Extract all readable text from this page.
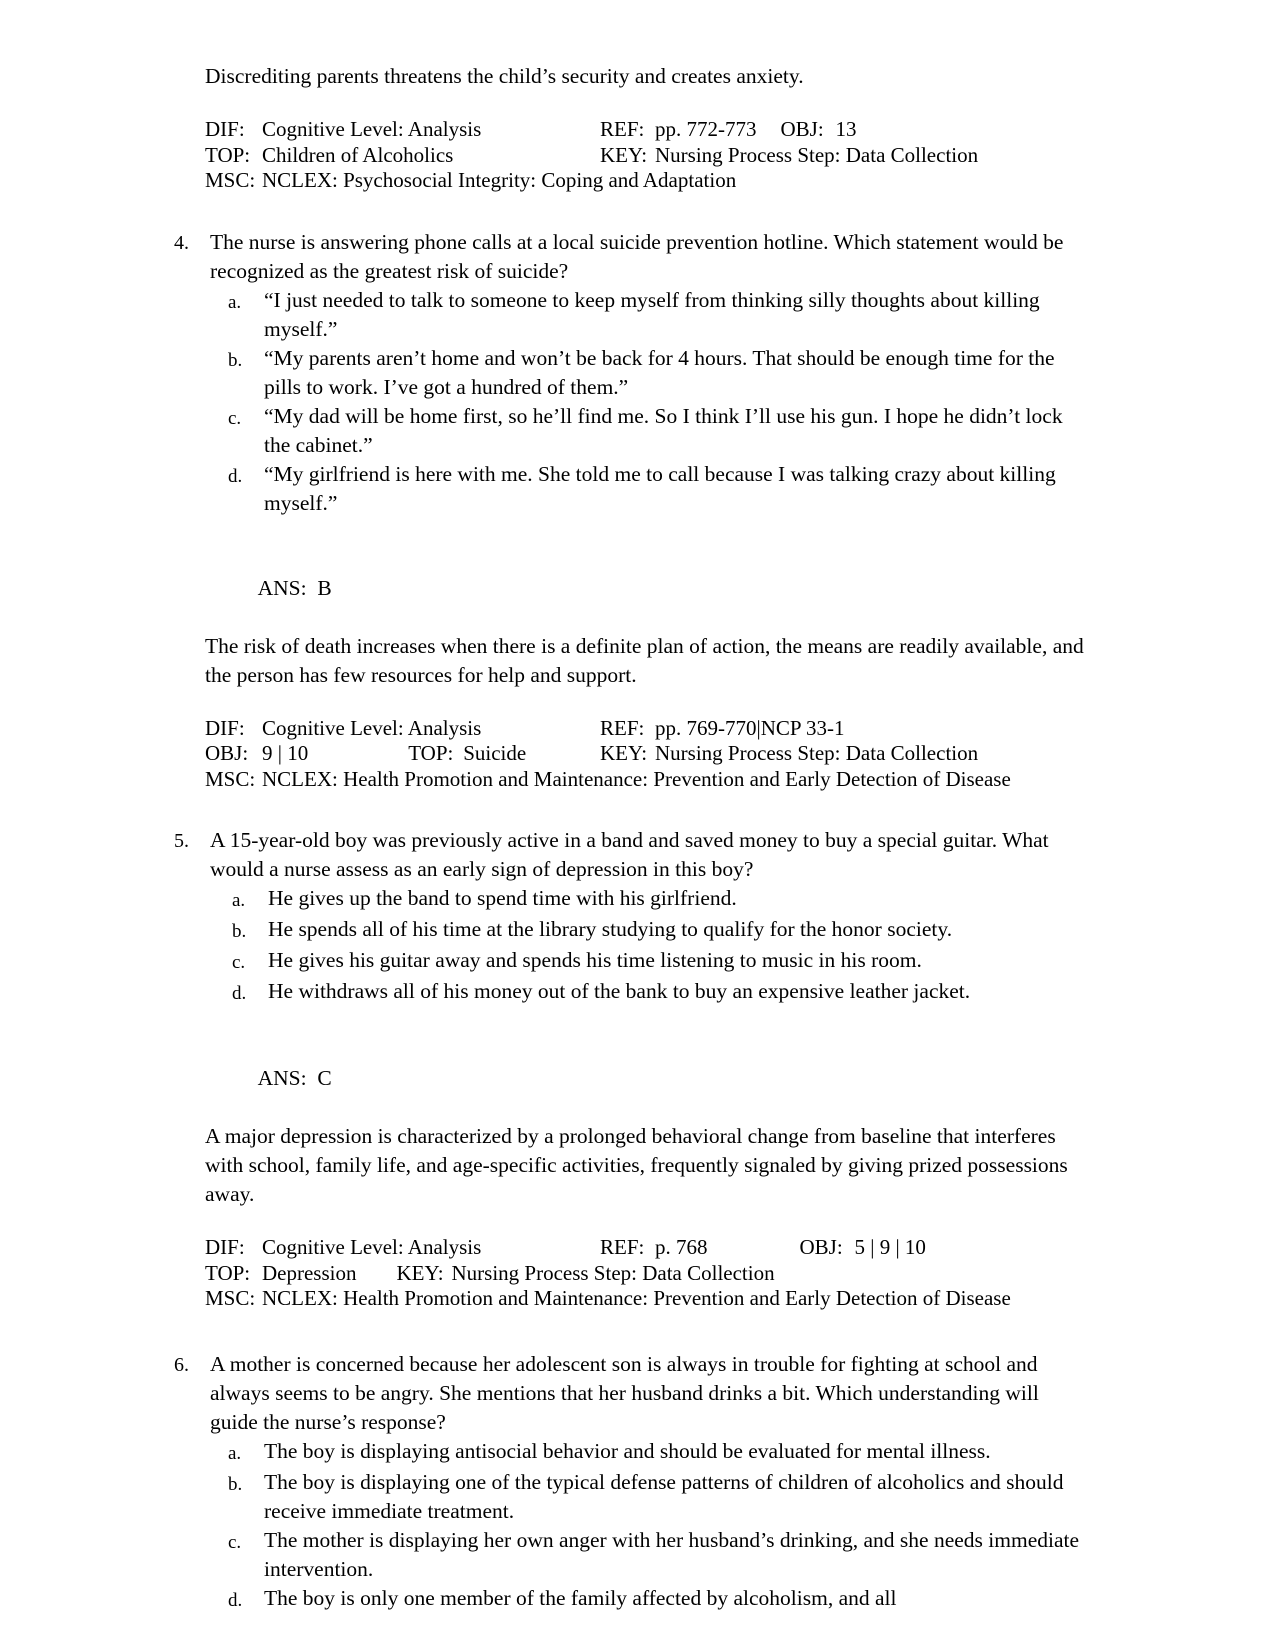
Discrediting parents threatens the child’s security and creates anxiety.

DIF: Cognitive Level: Analysis	REF: pp. 772-773 OBJ: 13
TOP: Children of Alcoholics	KEY: Nursing Process Step: Data Collection
MSC: NCLEX: Psychosocial Integrity: Coping and Adaptation
4. The nurse is answering phone calls at a local suicide prevention hotline. Which statement would be recognized as the greatest risk of suicide?
a.	“I just needed to talk to someone to keep myself from thinking silly thoughts about killing myself.”
b.	“My parents aren’t home and won’t be back for 4 hours. That should be enough time for the pills to work. I’ve got a hundred of them.”
c.	“My dad will be home first, so he’ll find me. So I think I’ll use his gun. I hope he didn’t lock the cabinet.”
d.	“My girlfriend is here with me. She told me to call because I was talking crazy about killing myself.”

ANS: B

The risk of death increases when there is a definite plan of action, the means are readily available, and the person has few resources for help and support.

DIF: Cognitive Level: Analysis	REF: pp. 769-770|NCP 33-1
OBJ: 9 | 10	TOP: Suicide	KEY: Nursing Process Step: Data Collection
MSC: NCLEX: Health Promotion and Maintenance: Prevention and Early Detection of Disease
5. A 15-year-old boy was previously active in a band and saved money to buy a special guitar. What would a nurse assess as an early sign of depression in this boy?
a.	He gives up the band to spend time with his girlfriend.
b.	He spends all of his time at the library studying to qualify for the honor society.
c.	He gives his guitar away and spends his time listening to music in his room.
d.	He withdraws all of his money out of the bank to buy an expensive leather jacket.

ANS: C

A major depression is characterized by a prolonged behavioral change from baseline that interferes with school, family life, and age-specific activities, frequently signaled by giving prized possessions away.

DIF: Cognitive Level: Analysis	REF: p. 768	OBJ: 5 | 9 | 10
TOP: Depression KEY: Nursing Process Step: Data Collection
MSC: NCLEX: Health Promotion and Maintenance: Prevention and Early Detection of Disease
6. A mother is concerned because her adolescent son is always in trouble for fighting at school and always seems to be angry. She mentions that her husband drinks a bit. Which understanding will guide the nurse’s response?
a.	The boy is displaying antisocial behavior and should be evaluated for mental illness.
b.	The boy is displaying one of the typical defense patterns of children of alcoholics and should receive immediate treatment.
c.	The mother is displaying her own anger with her husband’s drinking, and she needs immediate intervention.
d.	The boy is only one member of the family affected by alcoholism, and all
